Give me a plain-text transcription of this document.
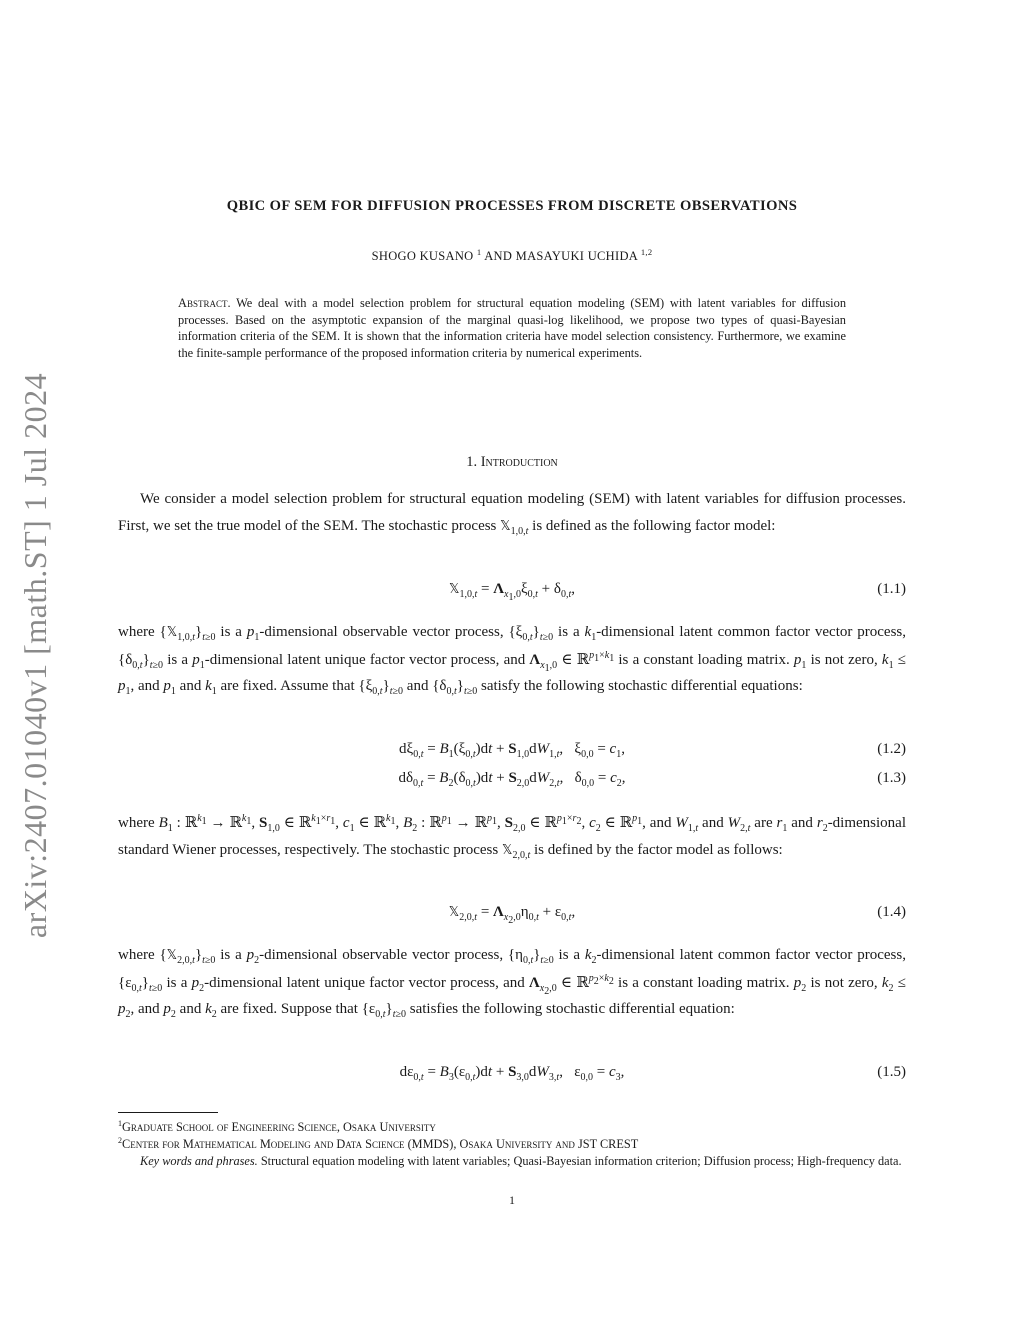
arXiv:2407.01040v1 [math.ST] 1 Jul 2024
QBIC OF SEM FOR DIFFUSION PROCESSES FROM DISCRETE OBSERVATIONS
SHOGO KUSANO $^1$ AND MASAYUKI UCHIDA $^{1,2}$
Abstract. We deal with a model selection problem for structural equation modeling (SEM) with latent variables for diffusion processes. Based on the asymptotic expansion of the marginal quasi-log likelihood, we propose two types of quasi-Bayesian information criteria of the SEM. It is shown that the information criteria have model selection consistency. Furthermore, we examine the finite-sample performance of the proposed information criteria by numerical experiments.
1. Introduction
We consider a model selection problem for structural equation modeling (SEM) with latent variables for diffusion processes. First, we set the true model of the SEM. The stochastic process 𝕏$_{1,0,t}$ is defined as the following factor model:
𝕏$_{1,0,t}$ = $\Lambda_{x_1,0}\xi_{0,t} + \delta_{0,t}$,	(1.1)
where $\{𝕏_{1,0,t}\}_{t\ge 0}$ is a $p_1$-dimensional observable vector process, $\{\xi_{0,t}\}_{t\ge 0}$ is a $k_1$-dimensional latent common factor vector process, $\{\delta_{0,t}\}_{t\ge 0}$ is a $p_1$-dimensional latent unique factor vector process, and $\Lambda_{x_1,0}$ ∈ ℝ$^{p_1\times k_1}$ is a constant loading matrix. $p_1$ is not zero, $k_1 \le p_1$, and $p_1$ and $k_1$ are fixed. Assume that $\{\xi_{0,t}\}_{t\ge 0}$ and $\{\delta_{0,t}\}_{t\ge 0}$ satisfy the following stochastic differential equations:
$d\xi_{0,t} = B_1(\xi_{0,t})dt + S_{1,0}dW_{1,t}$,   $\xi_{0,0} = c_1$,	(1.2)
$d\delta_{0,t} = B_2(\delta_{0,t})dt + S_{2,0}dW_{2,t}$,   $\delta_{0,0} = c_2$,	(1.3)
where $B_1$ : ℝ$^{k_1}$ → ℝ$^{k_1}$, $S_{1,0}$ ∈ ℝ$^{k_1\times r_1}$, $c_1$ ∈ ℝ$^{k_1}$, $B_2$ : ℝ$^{p_1}$ → ℝ$^{p_1}$, $S_{2,0}$ ∈ ℝ$^{p_1\times r_2}$, $c_2$ ∈ ℝ$^{p_1}$, and $W_{1,t}$ and $W_{2,t}$ are $r_1$ and $r_2$-dimensional standard Wiener processes, respectively. The stochastic process 𝕏$_{2,0,t}$ is defined by the factor model as follows:
𝕏$_{2,0,t}$ = $\Lambda_{x_2,0}\eta_{0,t} + \varepsilon_{0,t}$,	(1.4)
where $\{𝕏_{2,0,t}\}_{t\ge 0}$ is a $p_2$-dimensional observable vector process, $\{\eta_{0,t}\}_{t\ge 0}$ is a $k_2$-dimensional latent common factor vector process, $\{\varepsilon_{0,t}\}_{t\ge 0}$ is a $p_2$-dimensional latent unique factor vector process, and $\Lambda_{x_2,0}$ ∈ ℝ$^{p_2\times k_2}$ is a constant loading matrix. $p_2$ is not zero, $k_2 \le p_2$, and $p_2$ and $k_2$ are fixed. Suppose that $\{\varepsilon_{0,t}\}_{t\ge 0}$ satisfies the following stochastic differential equation:
$d\varepsilon_{0,t} = B_3(\varepsilon_{0,t})dt + S_{3,0}dW_{3,t}$,   $\varepsilon_{0,0} = c_3$,	(1.5)
$^1$Graduate School of Engineering Science, Osaka University
$^2$Center for Mathematical Modeling and Data Science (MMDS), Osaka University and JST CREST
Key words and phrases. Structural equation modeling with latent variables; Quasi-Bayesian information criterion; Diffusion process; High-frequency data.
1
